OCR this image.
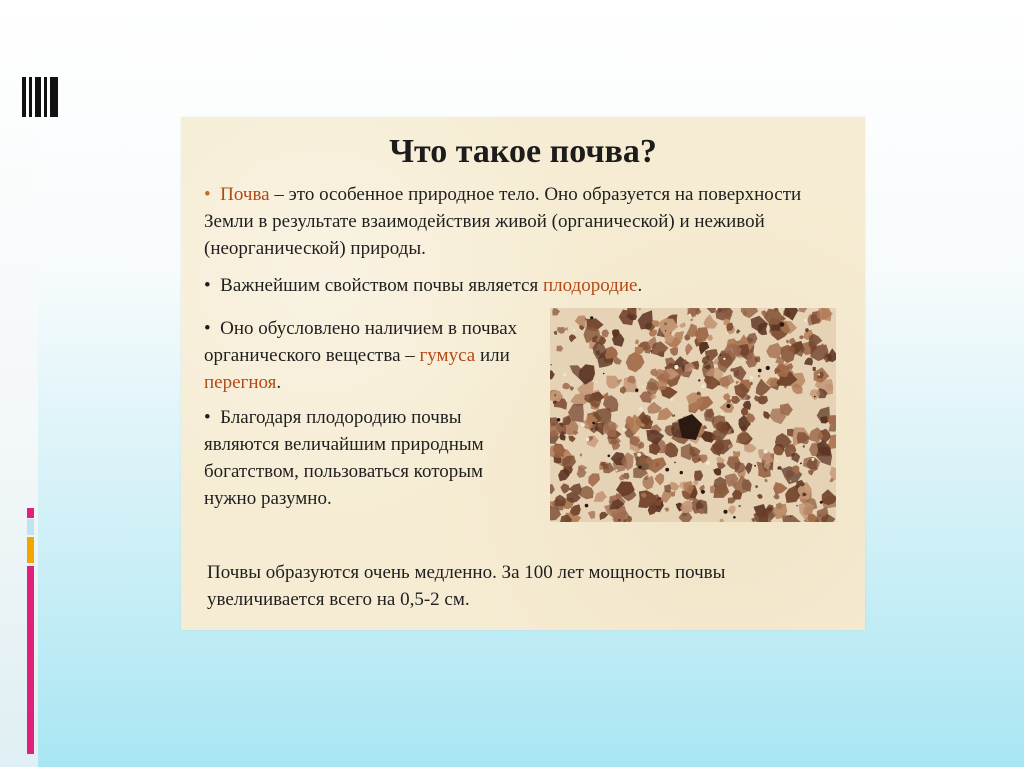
Что такое почва?

• Почва – это особенное природное тело. Оно образуется на поверхности Земли в результате взаимодействия живой (органической) и неживой (неорганической) природы.

• Важнейшим свойством почвы является плодородие.

• Оно обусловлено наличием в почвах органического вещества – гумуса или перегноя.

• Благодаря плодородию почвы являются величайшим природным богатством, пользоваться которым нужно разумно.

Почвы образуются очень медленно. За 100 лет мощность почвы увеличивается всего на 0,5-2 см.
